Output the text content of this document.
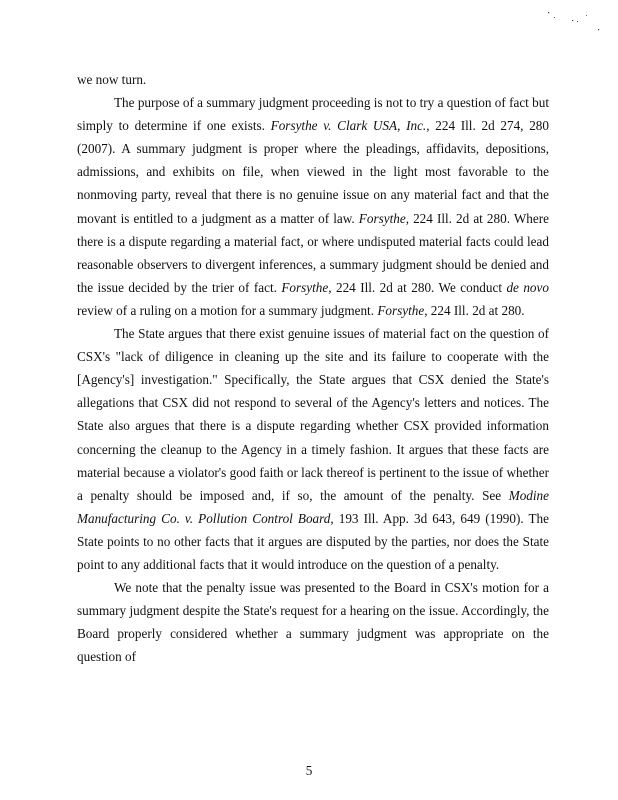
we now turn.

The purpose of a summary judgment proceeding is not to try a question of fact but simply to determine if one exists. Forsythe v. Clark USA, Inc., 224 Ill. 2d 274, 280 (2007). A summary judgment is proper where the pleadings, affidavits, depositions, admissions, and exhibits on file, when viewed in the light most favorable to the nonmoving party, reveal that there is no genuine issue on any material fact and that the movant is entitled to a judgment as a matter of law. Forsythe, 224 Ill. 2d at 280. Where there is a dispute regarding a material fact, or where undisputed material facts could lead reasonable observers to divergent inferences, a summary judgment should be denied and the issue decided by the trier of fact. Forsythe, 224 Ill. 2d at 280. We conduct de novo review of a ruling on a motion for a summary judgment. Forsythe, 224 Ill. 2d at 280.

The State argues that there exist genuine issues of material fact on the question of CSX's "lack of diligence in cleaning up the site and its failure to cooperate with the [Agency's] investigation." Specifically, the State argues that CSX denied the State's allegations that CSX did not respond to several of the Agency's letters and notices. The State also argues that there is a dispute regarding whether CSX provided information concerning the cleanup to the Agency in a timely fashion. It argues that these facts are material because a violator's good faith or lack thereof is pertinent to the issue of whether a penalty should be imposed and, if so, the amount of the penalty. See Modine Manufacturing Co. v. Pollution Control Board, 193 Ill. App. 3d 643, 649 (1990). The State points to no other facts that it argues are disputed by the parties, nor does the State point to any additional facts that it would introduce on the question of a penalty.

We note that the penalty issue was presented to the Board in CSX's motion for a summary judgment despite the State's request for a hearing on the issue. Accordingly, the Board properly considered whether a summary judgment was appropriate on the question of

5
